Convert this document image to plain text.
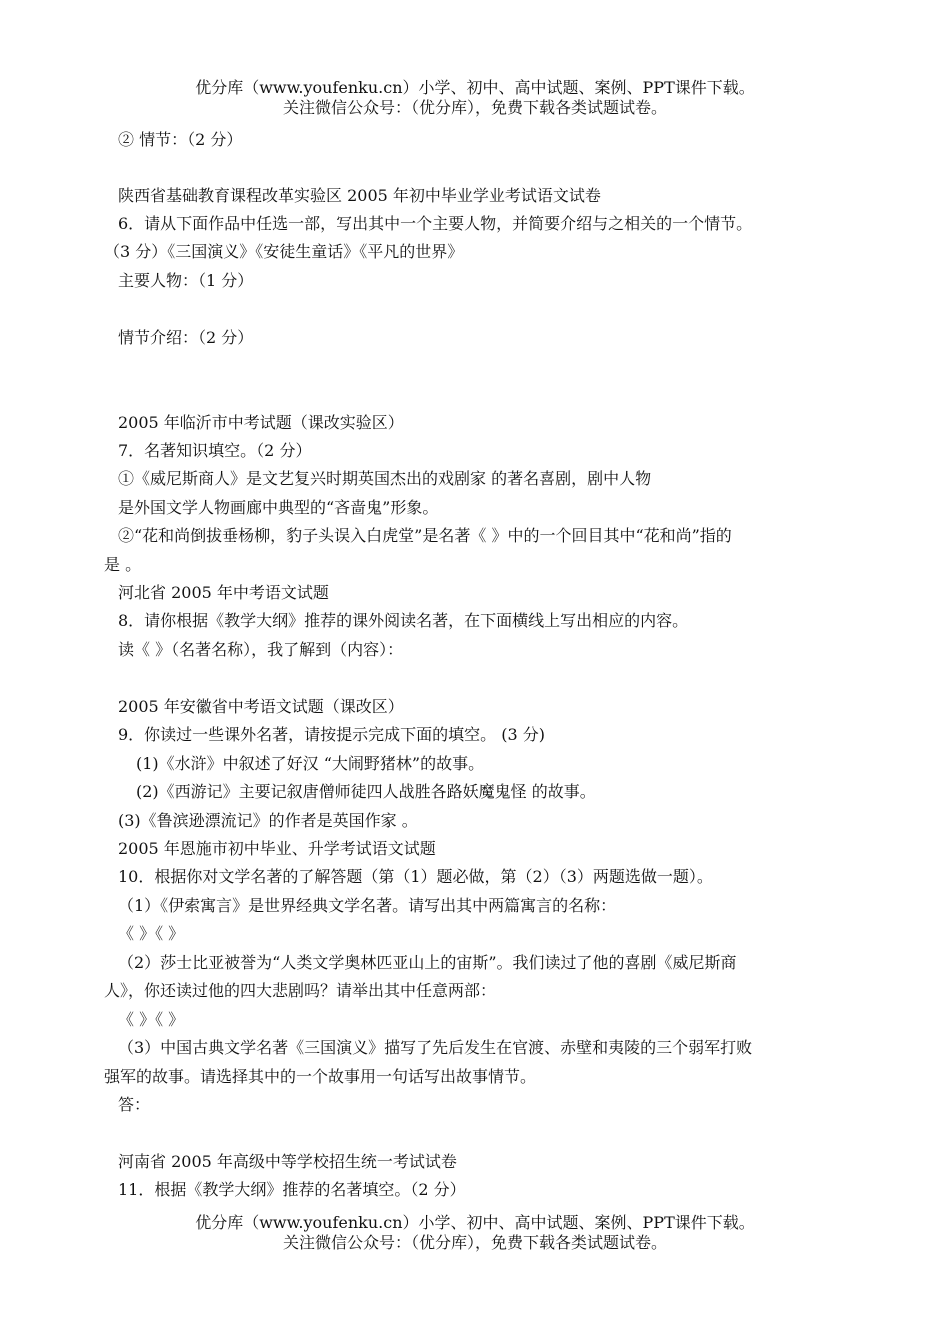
优分库（www.youfenku.cn）小学、初中、高中试题、案例、PPT课件下载。
关注微信公众号：（优分库），免费下载各类试题试卷。
② 情节：（2 分）
陕西省基础教育课程改革实验区 2005 年初中毕业学业考试语文试卷
6．请从下面作品中任选一部，写出其中一个主要人物，并简要介绍与之相关的一个情节。
（3 分）《三国演义》《安徒生童话》《平凡的世界》
主要人物：（1 分）
情节介绍：（2 分）
2005 年临沂市中考试题（课改实验区）
7．名著知识填空。（2 分）
①《威尼斯商人》是文艺复兴时期英国杰出的戏剧家 的著名喜剧，剧中人物
是外国文学人物画廊中典型的“吝啬鬼”形象。
②“花和尚倒拔垂杨柳，豹子头误入白虎堂”是名著《 》中的一个回目其中“花和尚”指的
是 。
河北省 2005 年中考语文试题
8．请你根据《教学大纲》推荐的课外阅读名著，在下面横线上写出相应的内容。
读《 》（名著名称），我了解到（内容）：
2005 年安徽省中考语文试题（课改区）
9．你读过一些课外名著，请按提示完成下面的填空。 (3 分)
(1)《水浒》中叙述了好汉 “大闹野猪林”的故事。
(2)《西游记》主要记叙唐僧师徒四人战胜各路妖魔鬼怪 的故事。
(3)《鲁滨逊漂流记》的作者是英国作家 。
2005 年恩施市初中毕业、升学考试语文试题
10．根据你对文学名著的了解答题（第（1）题必做，第（2）（3）两题选做一题）。
（1）《伊索寓言》是世界经典文学名著。请写出其中两篇寓言的名称：
《 》《 》
（2）莎士比亚被誉为“人类文学奥林匹亚山上的宙斯”。我们读过了他的喜剧《威尼斯商
人》，你还读过他的四大悲剧吗？请举出其中任意两部：
《 》《 》
（3）中国古典文学名著《三国演义》描写了先后发生在官渡、赤壁和夷陵的三个弱军打败
强军的故事。请选择其中的一个故事用一句话写出故事情节。
答：
河南省 2005 年高级中等学校招生统一考试试卷
11．根据《教学大纲》推荐的名著填空。（2 分）
优分库（www.youfenku.cn）小学、初中、高中试题、案例、PPT课件下载。
关注微信公众号：（优分库），免费下载各类试题试卷。
